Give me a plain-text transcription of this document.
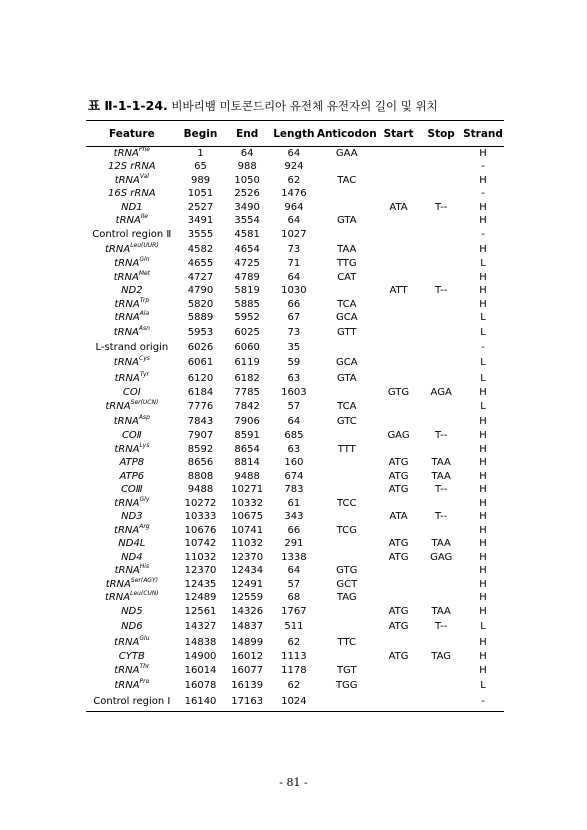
표 Ⅱ-1-1-24. 비바리뱀 미토콘드리아 유전체 유전자의 길이 및 위치
Feature	Begin	End	Length	Anticodon	Start	Stop	Strand
tRNA$^{Phe}$	1	64	64	GAA			H
12S rRNA	65	988	924				-
tRNA$^{Val}$	989	1050	62	TAC			H
16S rRNA	1051	2526	1476				-
ND1	2527	3490	964		ATA	T--	H
tRNA$^{Ile}$	3491	3554	64	GTA			H
Control region Ⅱ	3555	4581	1027				-
tRNA$^{Leu(UUR)}$	4582	4654	73	TAA			H
tRNA$^{Gln}$	4655	4725	71	TTG			L
tRNA$^{Met}$	4727	4789	64	CAT			H
ND2	4790	5819	1030		ATT	T--	H
tRNA$^{Trp}$	5820	5885	66	TCA			H
tRNA$^{Ala}$	5889	5952	67	GCA			L
tRNA$^{Asn}$	5953	6025	73	GTT			L
L-strand origin	6026	6060	35				-
tRNA$^{Cys}$	6061	6119	59	GCA			L
tRNA$^{Tyr}$	6120	6182	63	GTA			L
COI	6184	7785	1603		GTG	AGA	H
tRNA$^{Ser(UCN)}$	7776	7842	57	TCA			L
tRNA$^{Asp}$	7843	7906	64	GTC			H
COⅡ	7907	8591	685		GAG	T--	H
tRNA$^{Lys}$	8592	8654	63	TTT			H
ATP8	8656	8814	160		ATG	TAA	H
ATP6	8808	9488	674		ATG	TAA	H
COⅢ	9488	10271	783		ATG	T--	H
tRNA$^{Gly}$	10272	10332	61	TCC			H
ND3	10333	10675	343		ATA	T--	H
tRNA$^{Arg}$	10676	10741	66	TCG			H
ND4L	10742	11032	291		ATG	TAA	H
ND4	11032	12370	1338		ATG	GAG	H
tRNA$^{His}$	12370	12434	64	GTG			H
tRNA$^{Ser(AGY)}$	12435	12491	57	GCT			H
tRNA$^{Leu(CUN)}$	12489	12559	68	TAG			H
ND5	12561	14326	1767		ATG	TAA	H
ND6	14327	14837	511		ATG	T--	L
tRNA$^{Glu}$	14838	14899	62	TTC			H
CYTB	14900	16012	1113		ATG	TAG	H
tRNA$^{Thr}$	16014	16077	1178	TGT			H
tRNA$^{Pro}$	16078	16139	62	TGG			L
Control region Ⅰ	16140	17163	1024				-
- 81 -
